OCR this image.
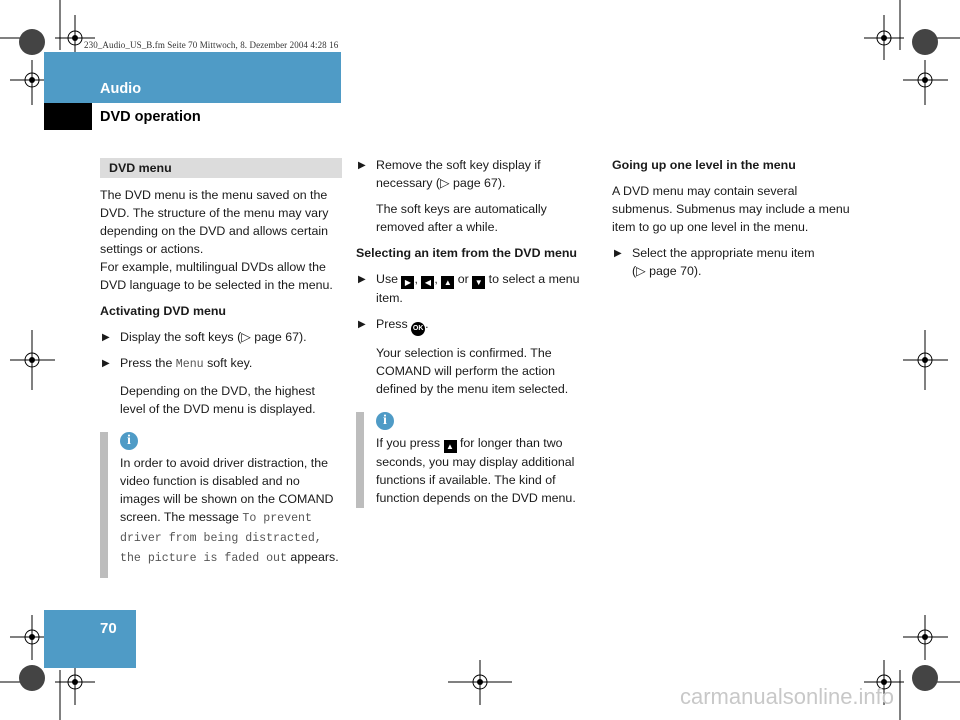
230_Audio_US_B.fm Seite 70 Mittwoch, 8. Dezember 2004 4:28 16
Audio
DVD operation
DVD menu
The DVD menu is the menu saved on the DVD. The structure of the menu may vary depending on the DVD and allows certain settings or actions.
For example, multilingual DVDs allow the DVD language to be selected in the menu.
Activating DVD menu
▶ Display the soft keys (▷ page 67).
▶ Press the Menu soft key.
Depending on the DVD, the highest level of the DVD menu is displayed.
i
In order to avoid driver distraction, the video function is disabled and no images will be shown on the COMAND screen. The message To prevent driver from being distracted, the picture is faded out appears.
▶ Remove the soft key display if necessary (▷ page 67).
The soft keys are automatically removed after a while.
Selecting an item from the DVD menu
▶ Use ▶ , ◀ , ▲ or ▼ to select a menu item.
▶ Press OK .
Your selection is confirmed. The COMAND will perform the action defined by the menu item selected.
i
If you press ▲ for longer than two seconds, you may display additional functions if available. The kind of function depends on the DVD menu.
Going up one level in the menu
A DVD menu may contain several submenus. Submenus may include a menu item to go up one level in the menu.
▶ Select the appropriate menu item (▷ page 70).
70
carmanualsonline.info
